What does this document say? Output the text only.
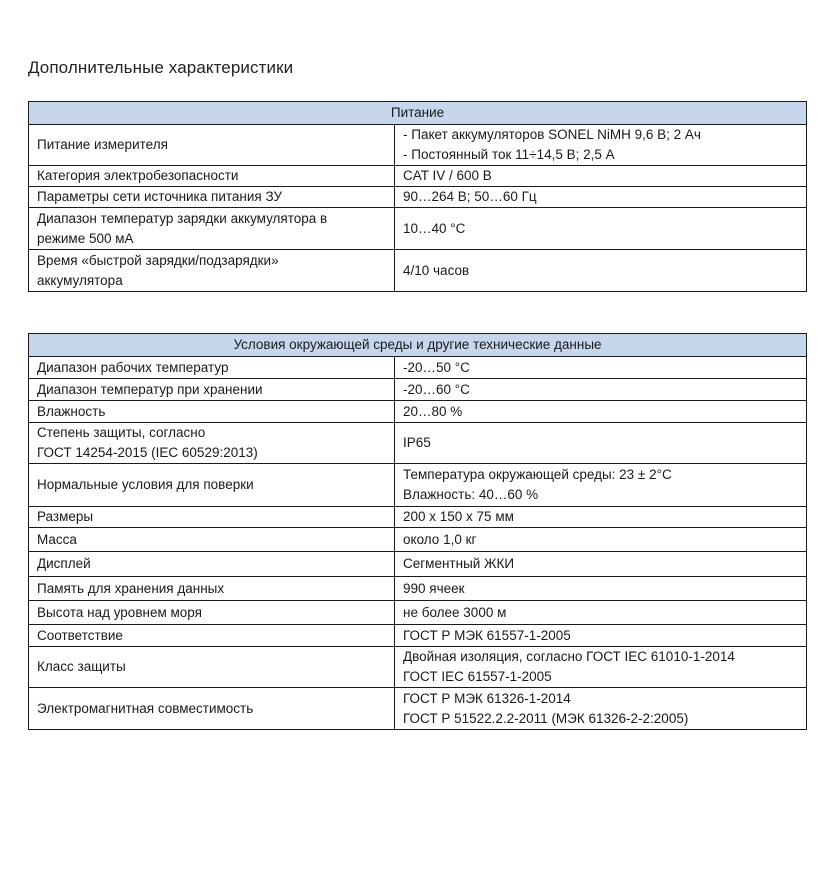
Дополнительные характеристики
Питание	

Питание измерителя	- Пакет аккумуляторов SONEL NiMH 9,6 В; 2 Ач
- Постоянный ток 11÷14,5 В; 2,5 А

Категория электробезопасности	CAT IV / 600 В

Параметры сети источника питания ЗУ	90…264 В; 50…60 Гц

Диапазон температур зарядки аккумулятора в
режиме 500 мА	10…40 °C

Время «быстрой зарядки/подзарядки»
аккумулятора	4/10 часов
Условия окружающей среды и другие технические данные	

Диапазон рабочих температур	-20…50 °C

Диапазон температур при хранении	-20…60 °C

Влажность	20…80 %

Степень защиты, согласно
ГОСТ 14254-2015 (IEC 60529:2013)	IP65

Нормальные условия для поверки	Температура окружающей среды: 23 ± 2°C
Влажность: 40…60 %

Размеры	200 x 150 x 75 мм

Масса	около 1,0 кг

Дисплей	Сегментный ЖКИ

Память для хранения данных	990 ячеек

Высота над уровнем моря	не более 3000 м

Соответствие	ГОСТ Р МЭК 61557-1-2005

Класс защиты	Двойная изоляция, согласно ГОСТ IEC 61010-1-2014
ГОСТ IEC 61557-1-2005

Электромагнитная совместимость	ГОСТ Р МЭК 61326-1-2014
ГОСТ Р 51522.2.2-2011 (МЭК 61326-2-2:2005)
